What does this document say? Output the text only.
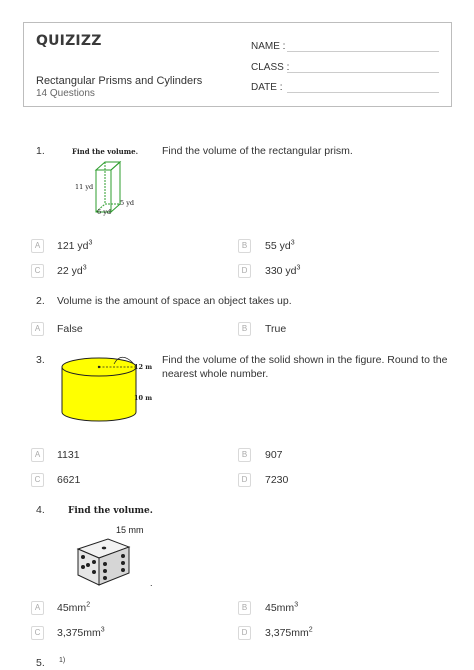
QUIZIZZ
Rectangular Prisms and Cylinders
14 Questions
NAME :
CLASS :
DATE :
1.	Find the volume of the rectangular prism.
Find the volume.
11 yd
6 yd
5 yd
A	121 $yd^3$	B	55 $yd^3$
C	22 $yd^3$	D	330 $yd^3$
2. Volume is the amount of space an object takes up.
A	False	B	True
3.	Find the volume of the solid shown in the figure. Round to the
nearest whole number.
12 m
10 m
A	1131	B	907
C	6621	D	7230
4.	Find the volume.
15 mm
.
A	$45mm^2$	B	$45mm^3$
C	$3,375mm^3$	D	$3,375mm^2$
5. 1)
